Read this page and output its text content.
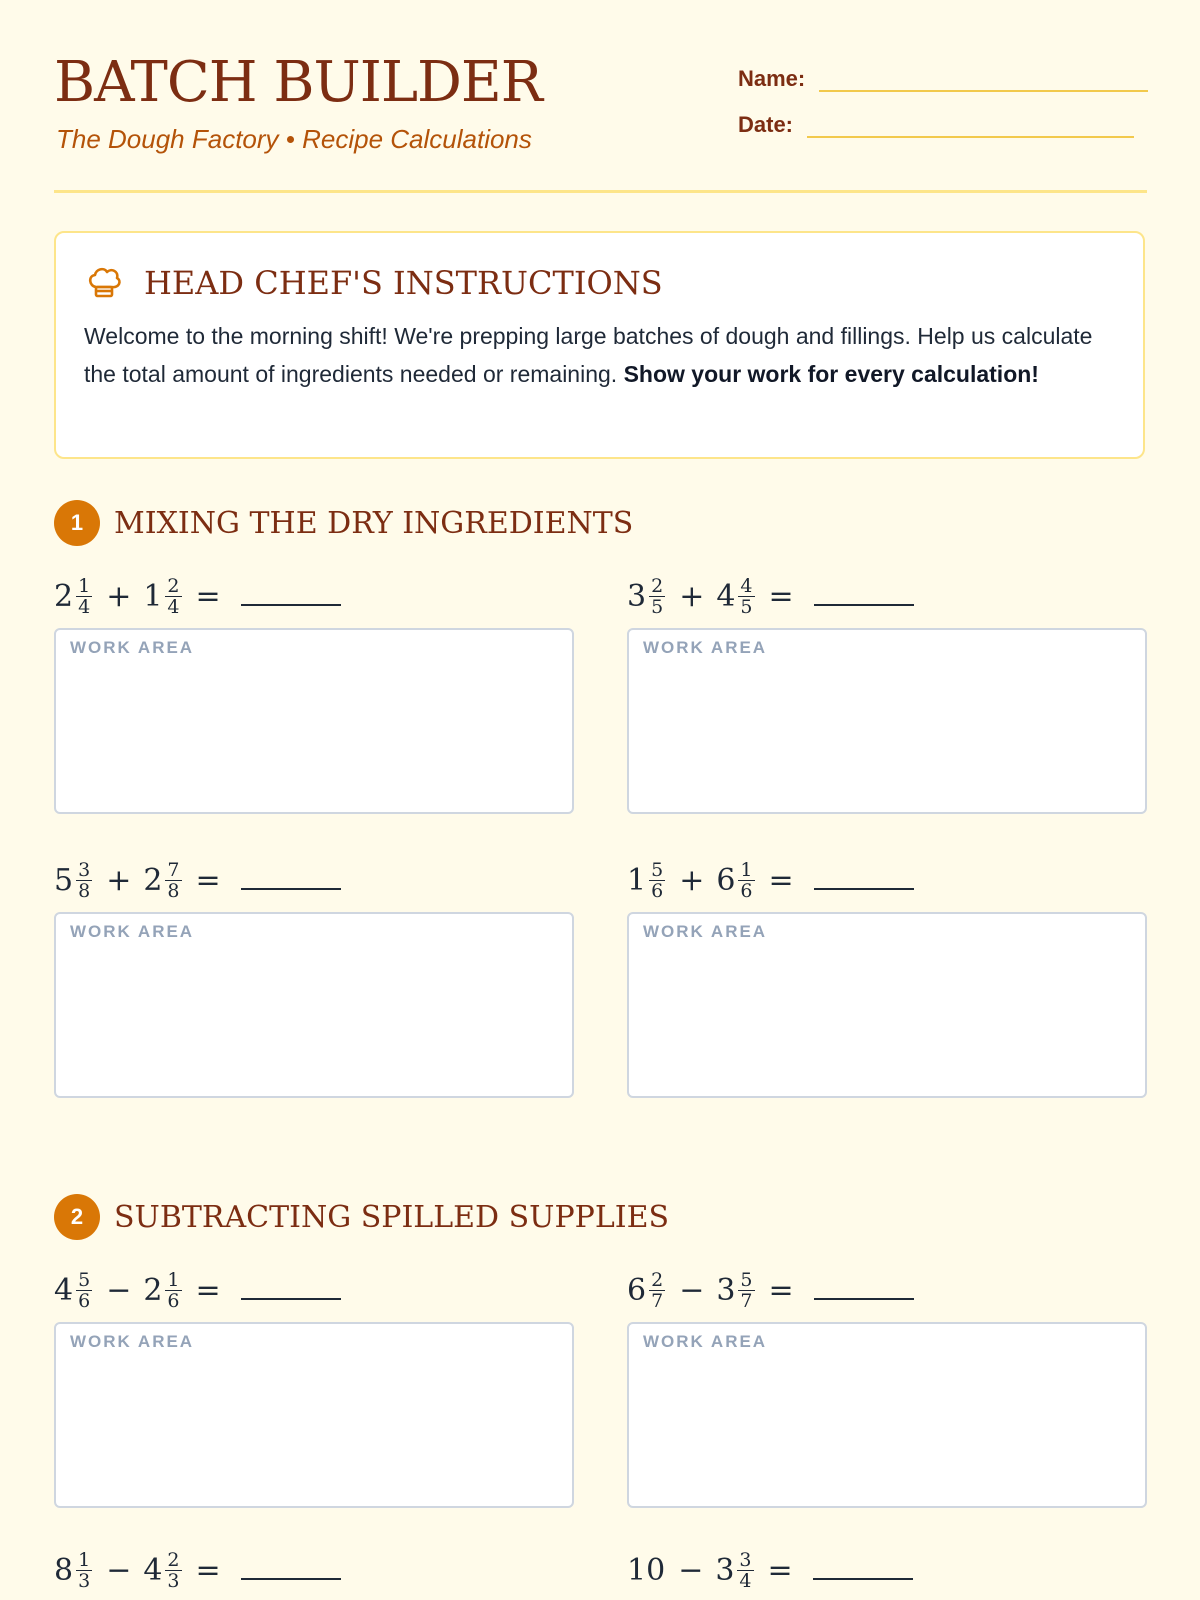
BATCH BUILDER
The Dough Factory • Recipe Calculations
Name:
Date:
HEAD CHEF'S INSTRUCTIONS
Welcome to the morning shift! We're prepping large batches of dough and fillings. Help us calculate the total amount of ingredients needed or remaining. Show your work for every calculation!
1	MIXING THE DRY INGREDIENTS
$2 \frac{1}{4} + 1 \frac{2}{4}$ =
WORK AREA
$3 \frac{2}{5} + 4 \frac{4}{5}$ =
WORK AREA
$5 \frac{3}{8} + 2 \frac{7}{8}$ =
WORK AREA
$1 \frac{5}{6} + 6 \frac{1}{6}$ =
WORK AREA
2	SUBTRACTING SPILLED SUPPLIES
$4 \frac{5}{6} - 2 \frac{1}{6}$ =
WORK AREA
$6 \frac{2}{7} - 3 \frac{5}{7}$ =
WORK AREA
$8 \frac{1}{3} - 4 \frac{2}{3}$ =	$10 - 3 \frac{3}{4}$ =
